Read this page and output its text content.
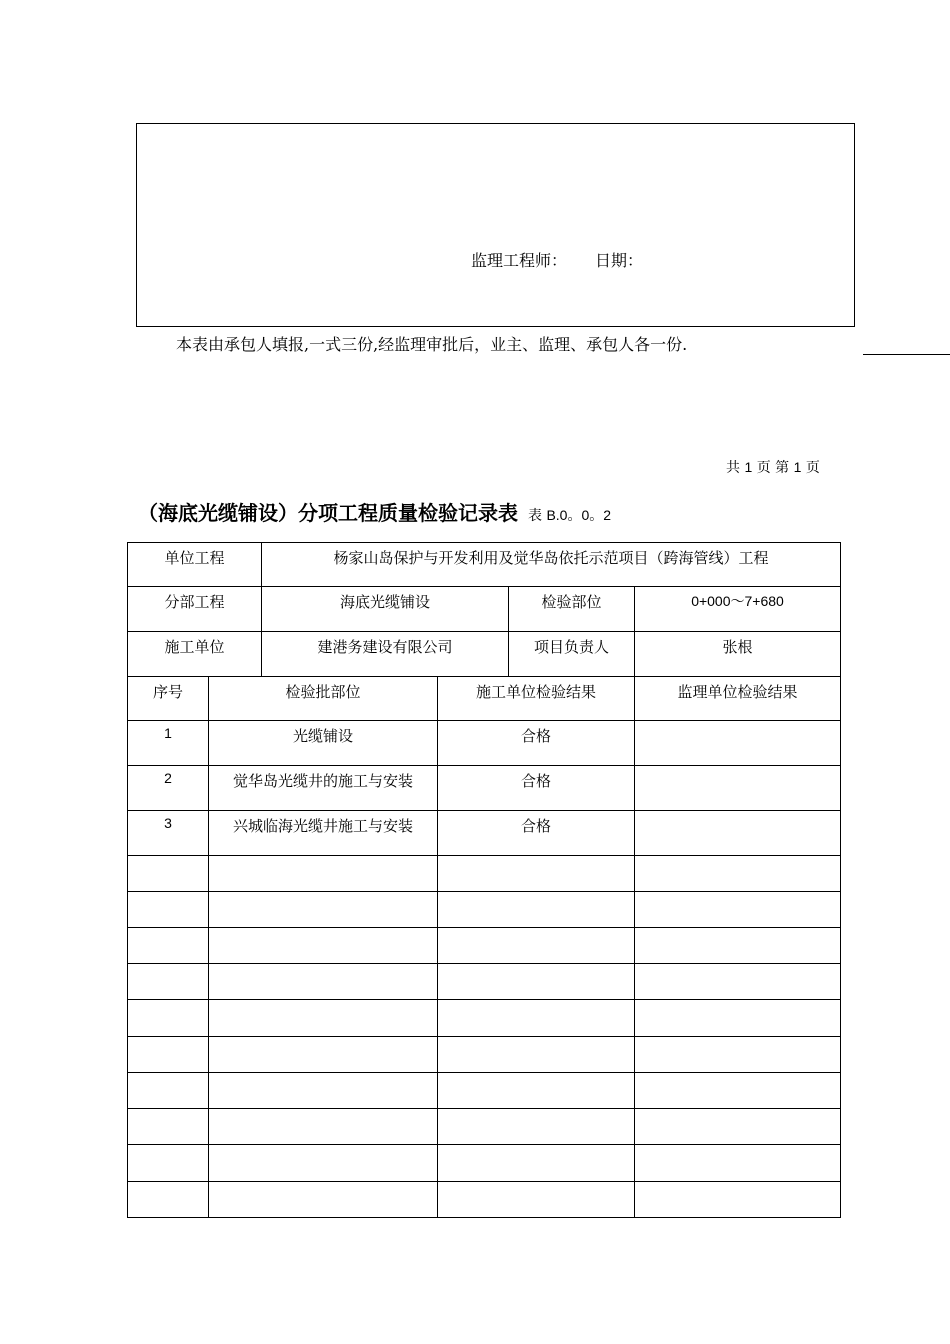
监理工程师： 日期：
本表由承包人填报,一式三份,经监理审批后，业主、监理、承包人各一份.
共 1 页 第 1 页
（海底光缆铺设）分项工程质量检验记录表 表 B.0。0。2
单位工程	杨家山岛保护与开发利用及觉华岛依托示范项目（跨海管线）工程		

分部工程	海底光缆铺设	检验部位	0+000～7+680

施工单位	建港务建设有限公司	项目负责人	张根
序号	检验批部位	施工单位检验结果	监理单位检验结果

1	光缆铺设	合格	

2	觉华岛光缆井的施工与安装	合格	

3	兴城临海光缆井施工与安装	合格	
